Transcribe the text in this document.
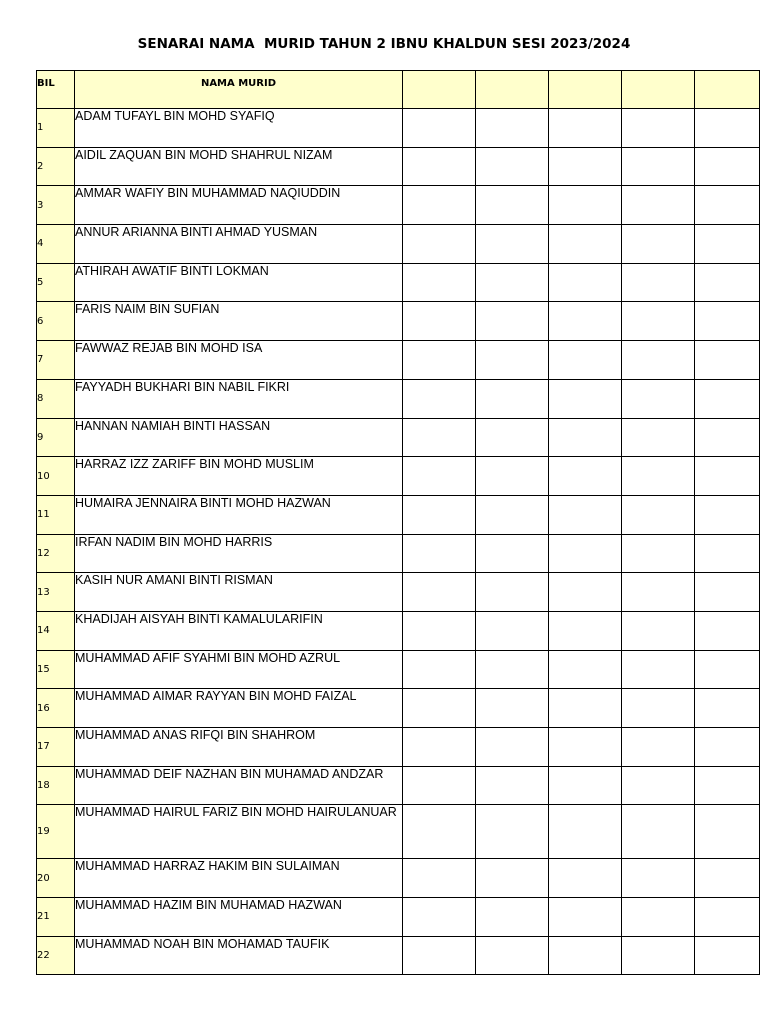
SENARAI NAMA  MURID TAHUN 2 IBNU KHALDUN SESI 2023/2024
BIL	NAMA MURID					
1	ADAM TUFAYL BIN MOHD SYAFIQ					
2	AIDIL ZAQUAN BIN MOHD SHAHRUL NIZAM					
3	AMMAR WAFIY BIN MUHAMMAD NAQIUDDIN					
4	ANNUR ARIANNA BINTI AHMAD YUSMAN					
5	ATHIRAH AWATIF BINTI LOKMAN					
6	FARIS NAIM BIN SUFIAN					
7	FAWWAZ REJAB BIN MOHD ISA					
8	FAYYADH BUKHARI BIN NABIL FIKRI					
9	HANNAN NAMIAH BINTI HASSAN					
10	HARRAZ IZZ ZARIFF BIN MOHD MUSLIM					
11	HUMAIRA JENNAIRA BINTI MOHD HAZWAN					
12	IRFAN NADIM BIN MOHD HARRIS					
13	KASIH NUR AMANI BINTI RISMAN					
14	KHADIJAH AISYAH BINTI KAMALULARIFIN					
15	MUHAMMAD AFIF SYAHMI BIN MOHD AZRUL					
16	MUHAMMAD AIMAR RAYYAN BIN MOHD FAIZAL					
17	MUHAMMAD ANAS RIFQI BIN SHAHROM					
18	MUHAMMAD DEIF NAZHAN BIN MUHAMAD ANDZAR					
19	MUHAMMAD HAIRUL FARIZ BIN MOHD HAIRULANUAR					
20	MUHAMMAD HARRAZ HAKIM BIN SULAIMAN					
21	MUHAMMAD HAZIM BIN MUHAMAD HAZWAN					
22	MUHAMMAD NOAH BIN MOHAMAD TAUFIK					
